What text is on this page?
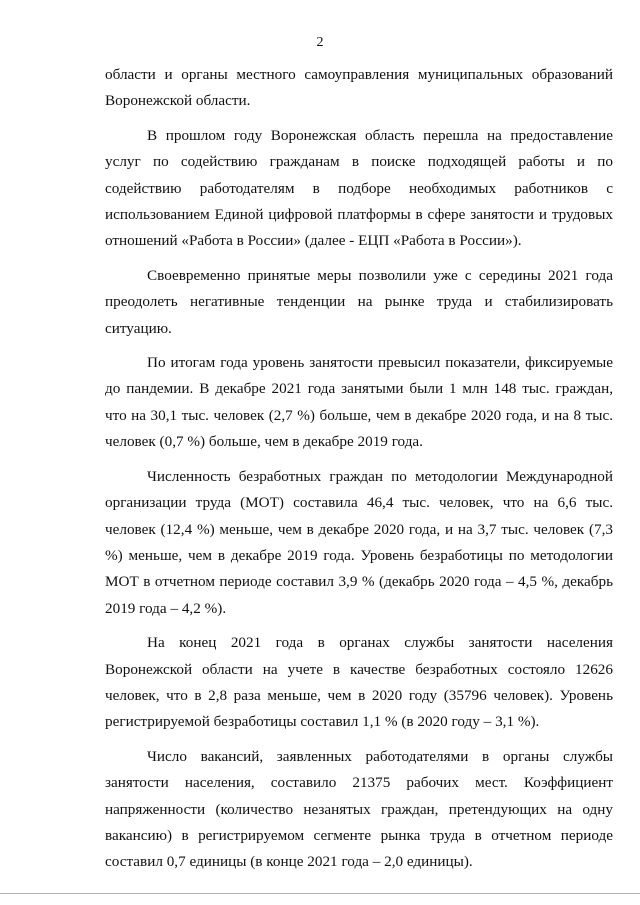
2

области и органы местного самоуправления муниципальных образований Воронежской области.

В прошлом году Воронежская область перешла на предоставление услуг по содействию гражданам в поиске подходящей работы и по содействию работодателям в подборе необходимых работников с использованием Единой цифровой платформы в сфере занятости и трудовых отношений «Работа в России» (далее - ЕЦП «Работа в России»).

Своевременно принятые меры позволили уже с середины 2021 года преодолеть негативные тенденции на рынке труда и стабилизировать ситуацию.

По итогам года уровень занятости превысил показатели, фиксируемые до пандемии. В декабре 2021 года занятыми были 1 млн 148 тыс. граждан, что на 30,1 тыс. человек (2,7 %) больше, чем в декабре 2020 года, и на 8 тыс. человек (0,7 %) больше, чем в декабре 2019 года.

Численность безработных граждан по методологии Международной организации труда (МОТ) составила 46,4 тыс. человек, что на 6,6 тыс. человек (12,4 %) меньше, чем в декабре 2020 года, и на 3,7 тыс. человек (7,3 %) меньше, чем в декабре 2019 года. Уровень безработицы по методологии МОТ в отчетном периоде составил 3,9 % (декабрь 2020 года – 4,5 %, декабрь 2019 года – 4,2 %).

На конец 2021 года в органах службы занятости населения Воронежской области на учете в качестве безработных состояло 12626 человек, что в 2,8 раза меньше, чем в 2020 году (35796 человек). Уровень регистрируемой безработицы составил 1,1 % (в 2020 году – 3,1 %).

Число вакансий, заявленных работодателями в органы службы занятости населения, составило 21375 рабочих мест. Коэффициент напряженности (количество незанятых граждан, претендующих на одну вакансию) в регистрируемом сегменте рынка труда в отчетном периоде составил 0,7 единицы (в конце 2021 года – 2,0 единицы).
